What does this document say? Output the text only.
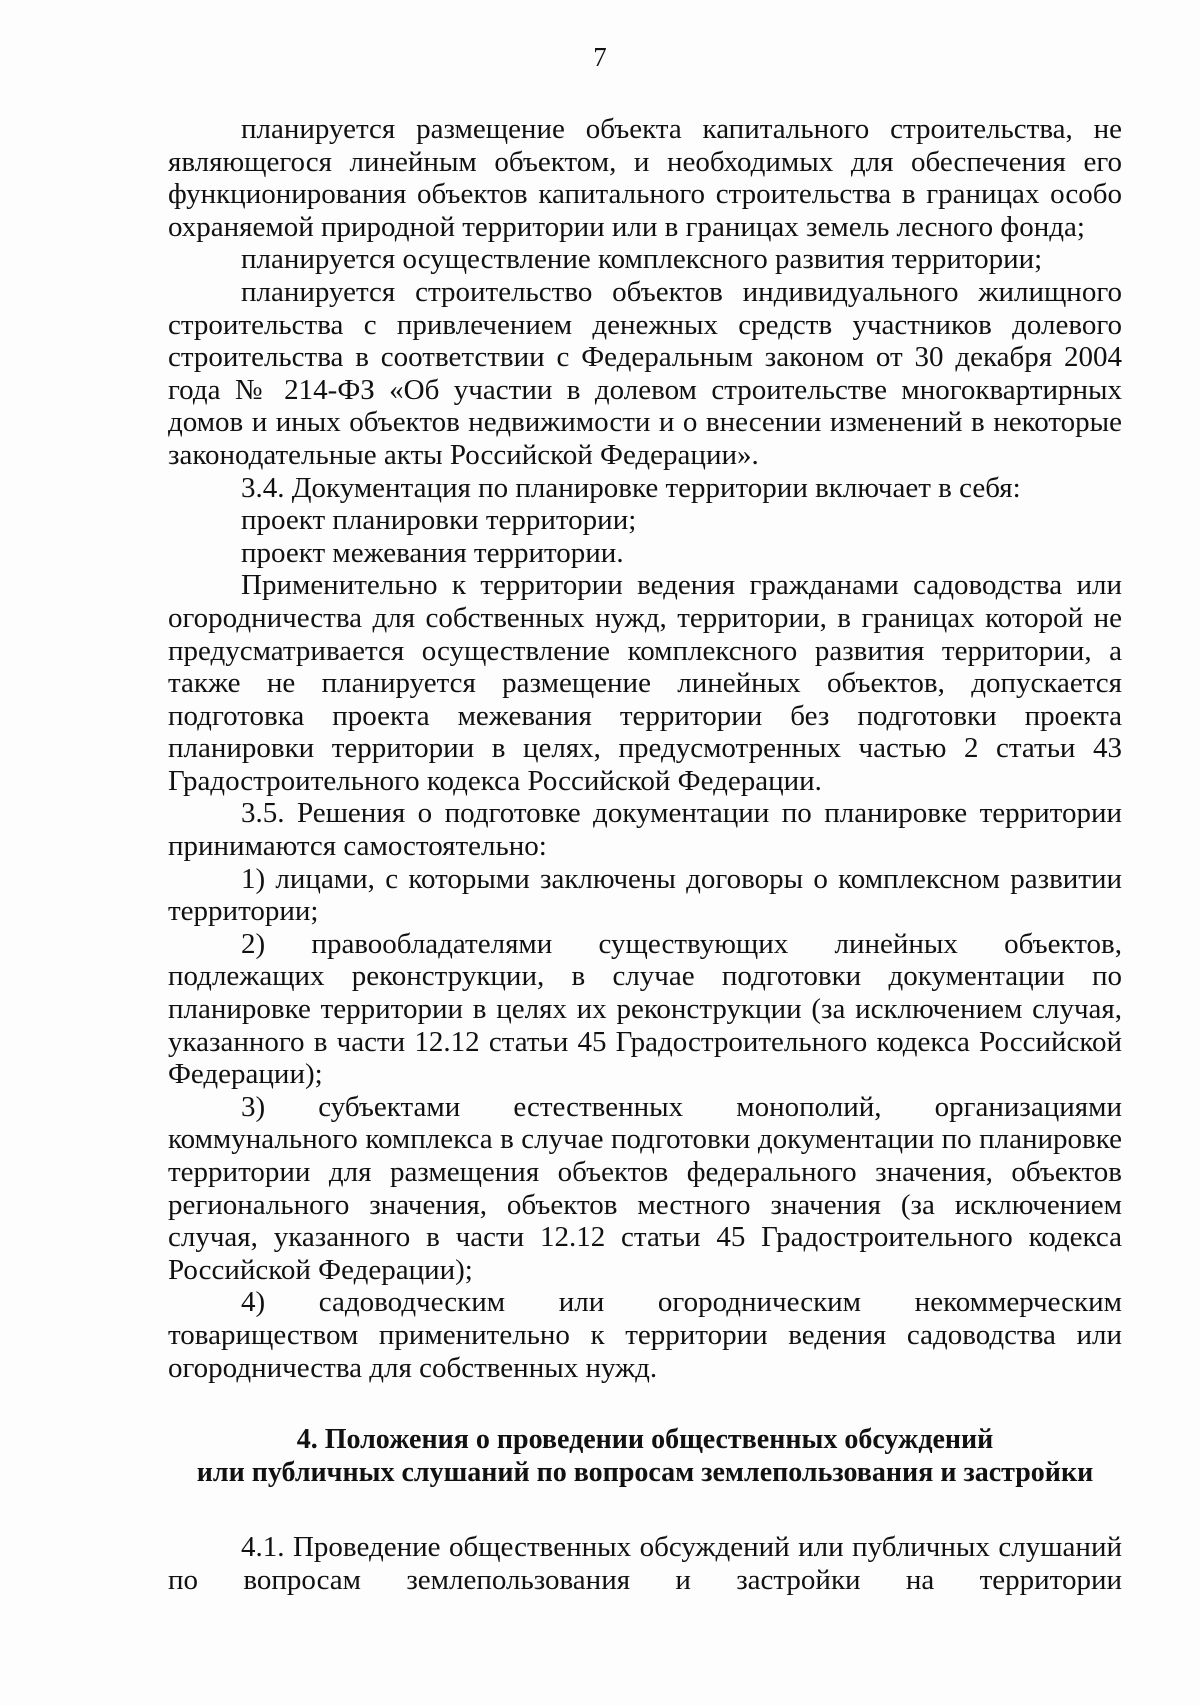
7

планируется размещение объекта капитального строительства, не являющегося линейным объектом, и необходимых для обеспечения его функционирования объектов капитального строительства в границах особо охраняемой природной территории или в границах земель лесного фонда;

планируется осуществление комплексного развития территории;

планируется строительство объектов индивидуального жилищного строительства с привлечением денежных средств участников долевого строительства в соответствии с Федеральным законом от 30 декабря 2004 года № 214-ФЗ «Об участии в долевом строительстве многоквартирных домов и иных объектов недвижимости и о внесении изменений в некоторые законодательные акты Российской Федерации».

3.4. Документация по планировке территории включает в себя:

проект планировки территории;

проект межевания территории.

Применительно к территории ведения гражданами садоводства или огородничества для собственных нужд, территории, в границах которой не предусматривается осуществление комплексного развития территории, а также не планируется размещение линейных объектов, допускается подготовка проекта межевания территории без подготовки проекта планировки территории в целях, предусмотренных частью 2 статьи 43 Градостроительного кодекса Российской Федерации.

3.5. Решения о подготовке документации по планировке территории принимаются самостоятельно:

1) лицами, с которыми заключены договоры о комплексном развитии территории;

2) правообладателями существующих линейных объектов, подлежащих реконструкции, в случае подготовки документации по планировке территории в целях их реконструкции (за исключением случая, указанного в части 12.12 статьи 45 Градостроительного кодекса Российской Федерации);

3) субъектами естественных монополий, организациями коммунального комплекса в случае подготовки документации по планировке территории для размещения объектов федерального значения, объектов регионального значения, объектов местного значения (за исключением случая, указанного в части 12.12 статьи 45 Градостроительного кодекса Российской Федерации);

4) садоводческим или огородническим некоммерческим товариществом применительно к территории ведения садоводства или огородничества для собственных нужд.

4. Положения о проведении общественных обсуждений
или публичных слушаний по вопросам землепользования и застройки

4.1. Проведение общественных обсуждений или публичных слушаний по вопросам землепользования и застройки на территории
